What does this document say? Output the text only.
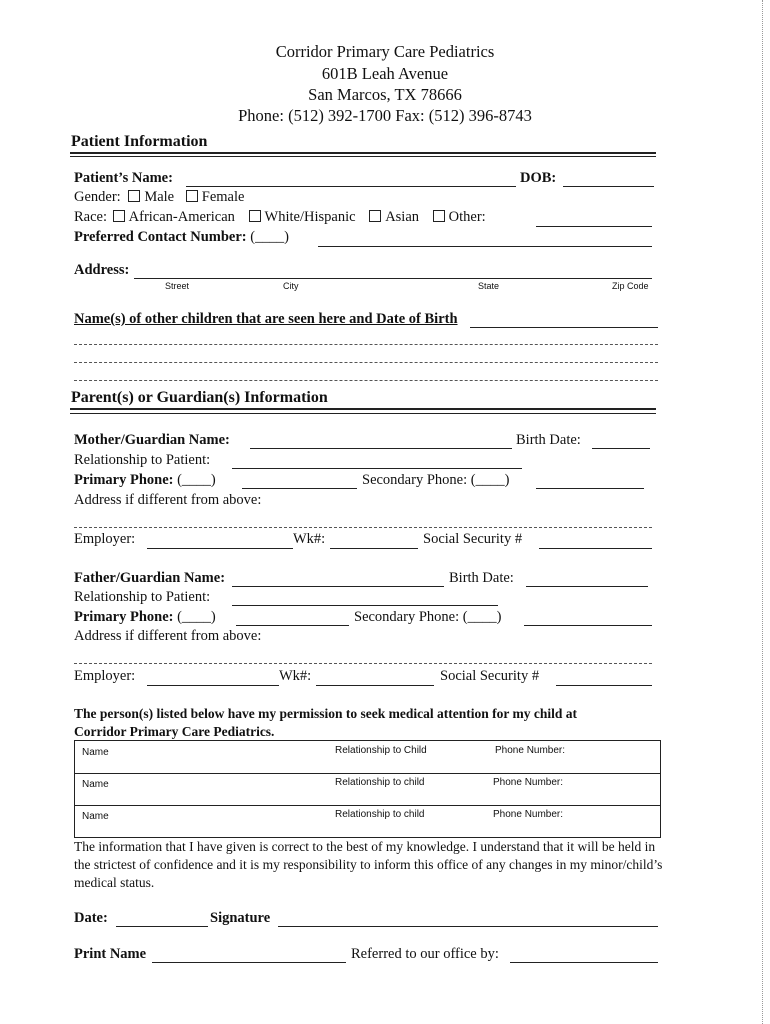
Corridor Primary Care Pediatrics
601B Leah Avenue
San Marcos, TX 78666
Phone: (512) 392-1700 Fax: (512) 396-8743
Patient Information
Patient’s Name:	DOB:
Gender: Male Female
Race: African-American White/Hispanic Asian Other:
Preferred Contact Number: (____)
Address:
Street	City	State	Zip Code
Name(s) of other children that are seen here and Date of Birth
Parent(s) or Guardian(s) Information
Mother/Guardian Name:	Birth Date:
Relationship to Patient:
Primary Phone: (____)	Secondary Phone: (____)
Address if different from above:
Employer:	Wk#:	Social Security #
Father/Guardian Name:	Birth Date:
Relationship to Patient:
Primary Phone: (____)	Secondary Phone: (____)
Address if different from above:
Employer:	Wk#:	Social Security #
The person(s) listed below have my permission to seek medical attention for my child at
Corridor Primary Care Pediatrics.
Name	Relationship to Child	Phone Number:
Name	Relationship to child	Phone Number:
Name	Relationship to child	Phone Number:
The information that I have given is correct to the best of my knowledge. I understand that it will be held in the strictest of confidence and it is my responsibility to inform this office of any changes in my minor/child’s medical status.
Date:	Signature
Print Name	Referred to our office by:
